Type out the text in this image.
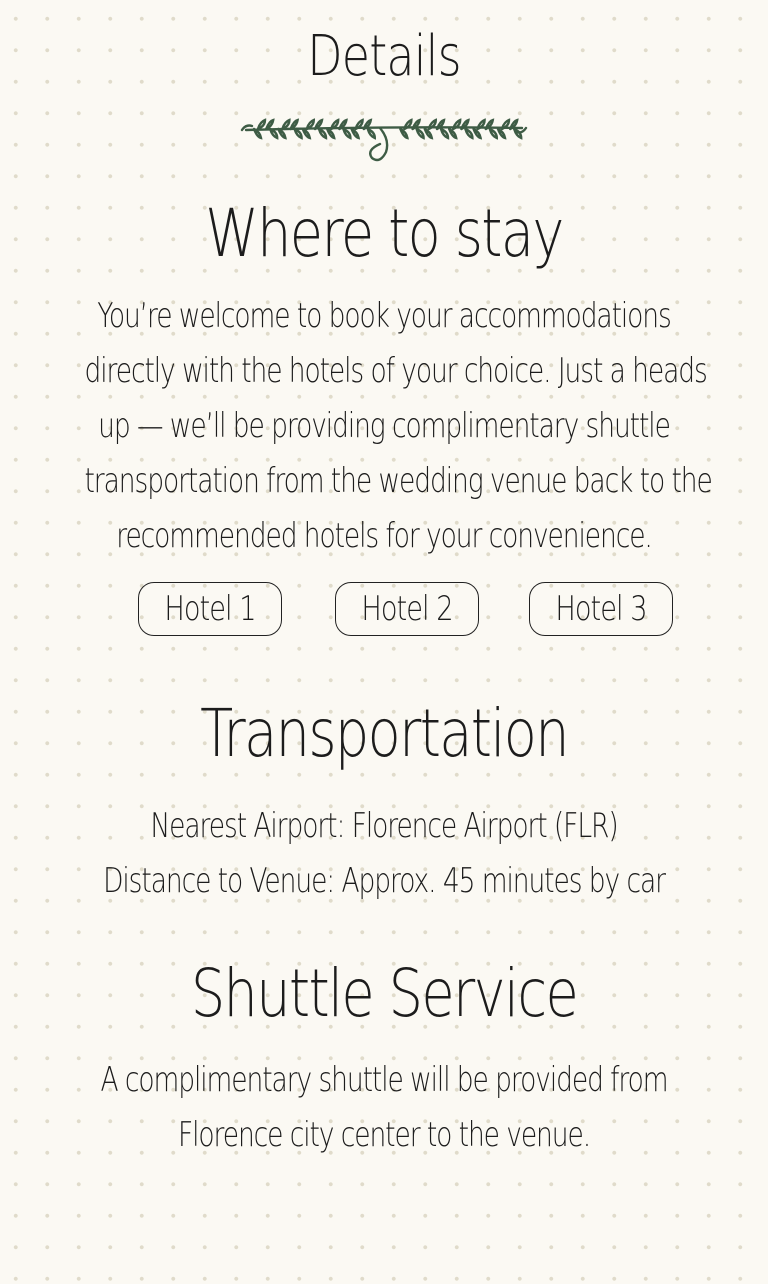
Details
Where to stay
You’re welcome to book your accommodations
directly with the hotels of your choice. Just a heads
up — we’ll be providing complimentary shuttle
transportation from the wedding venue back to the
recommended hotels for your convenience.
Hotel 1	Hotel 2	Hotel 3
Transportation
Nearest Airport: Florence Airport (FLR)
Distance to Venue: Approx. 45 minutes by car
Shuttle Service
A complimentary shuttle will be provided from
Florence city center to the venue.
